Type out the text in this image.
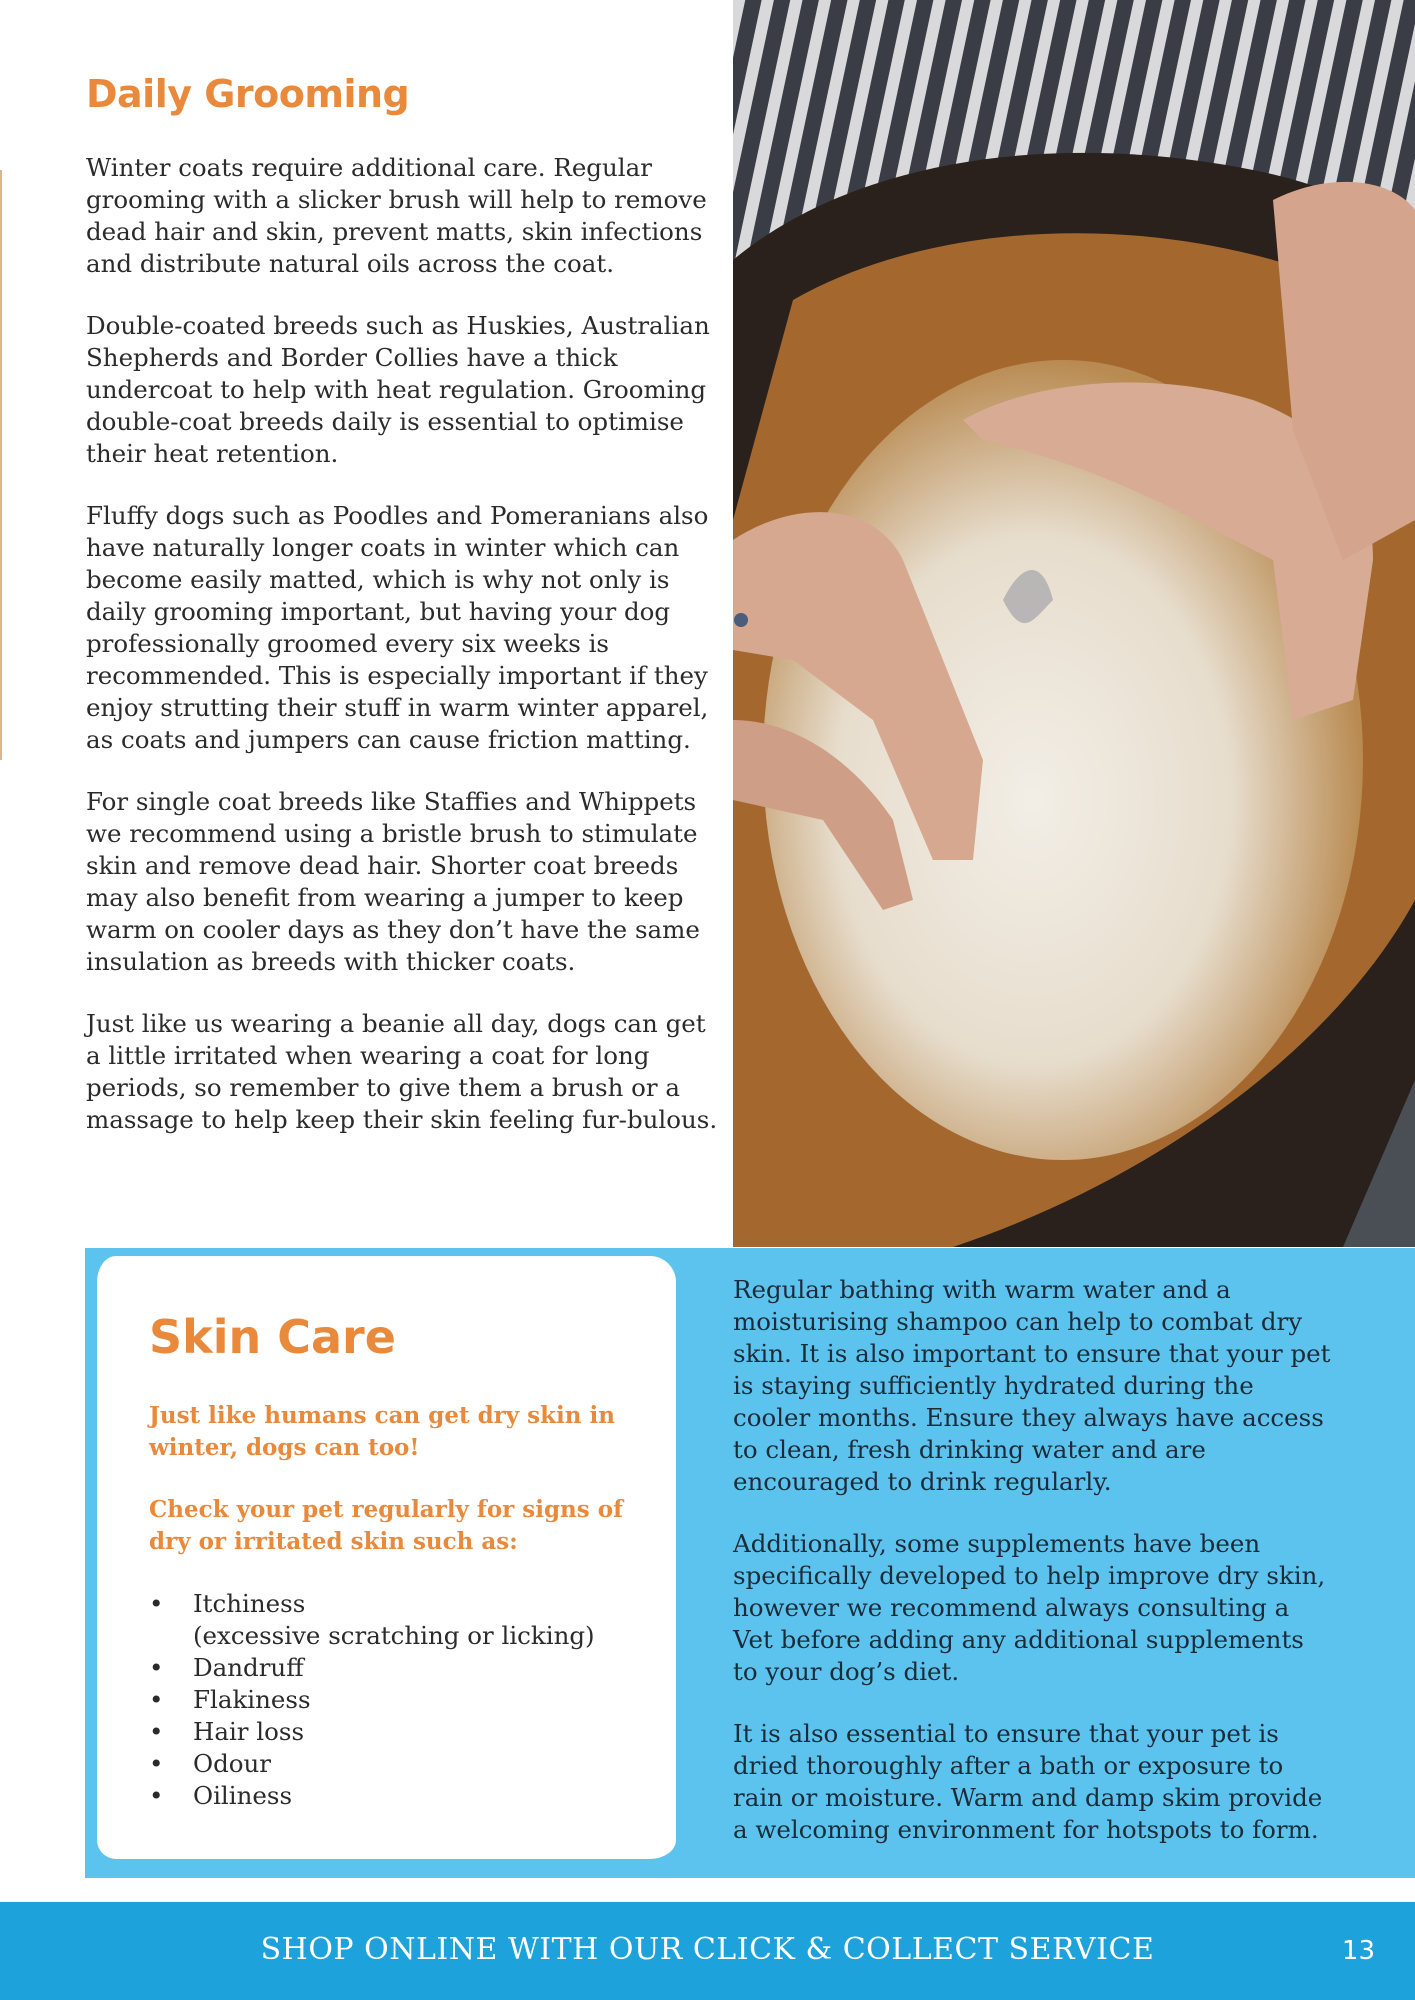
Daily Grooming

Winter coats require additional care. Regular grooming with a slicker brush will help to remove dead hair and skin, prevent matts, skin infections and distribute natural oils across the coat.

Double-coated breeds such as Huskies, Australian Shepherds and Border Collies have a thick undercoat to help with heat regulation. Grooming double-coat breeds daily is essential to optimise their heat retention.

Fluffy dogs such as Poodles and Pomeranians also have naturally longer coats in winter which can become easily matted, which is why not only is daily grooming important, but having your dog professionally groomed every six weeks is recommended. This is especially important if they enjoy strutting their stuff in warm winter apparel, as coats and jumpers can cause friction matting.

For single coat breeds like Staffies and Whippets we recommend using a bristle brush to stimulate skin and remove dead hair. Shorter coat breeds may also benefit from wearing a jumper to keep warm on cooler days as they don’t have the same insulation as breeds with thicker coats.

Just like us wearing a beanie all day, dogs can get a little irritated when wearing a coat for long periods, so remember to give them a brush or a massage to help keep their skin feeling fur-bulous.

Skin Care

Just like humans can get dry skin in winter, dogs can too!

Check your pet regularly for signs of dry or irritated skin such as:

• Itchiness
(excessive scratching or licking)
• Dandruff
• Flakiness
• Hair loss
• Odour
• Oiliness

Regular bathing with warm water and a moisturising shampoo can help to combat dry skin. It is also important to ensure that your pet is staying sufficiently hydrated during the cooler months. Ensure they always have access to clean, fresh drinking water and are encouraged to drink regularly.

Additionally, some supplements have been specifically developed to help improve dry skin, however we recommend always consulting a Vet before adding any additional supplements to your dog’s diet.

It is also essential to ensure that your pet is dried thoroughly after a bath or exposure to rain or moisture. Warm and damp skim provide a welcoming environment for hotspots to form.

SHOP ONLINE WITH OUR CLICK & COLLECT SERVICE	13
